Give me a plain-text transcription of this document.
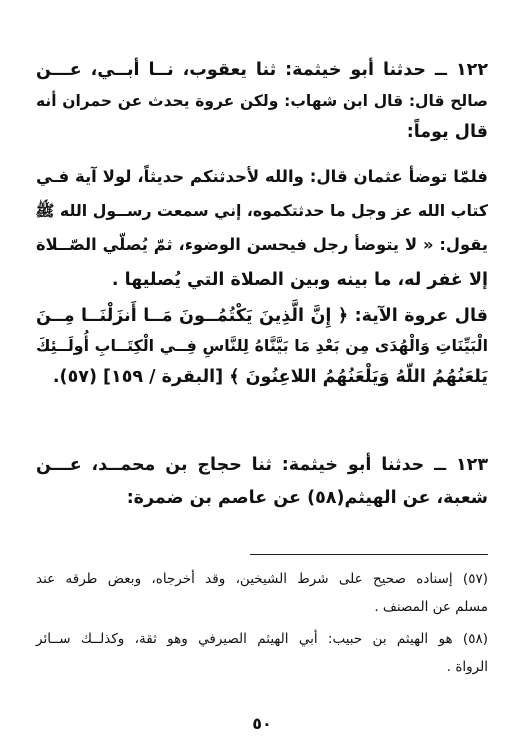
١٢٢ ــ حدثنا أبو خيثمة: ثنا يعقوب، نــا أبــي، عـــن
صالح قال: قال ابن شهاب: ولكن عروة يحدث عن حمران أنه
قال يوماً:
فلمّا توضأ عثمان قال: والله لأحدثنكم حديثاً، لولا آية فـي
كتاب الله عز وجل ما حدثتكموه، إني سمعت رســول الله ﷺ
يقول: « لا يتوضأ رجل فيحسن الوضوء، ثمّ يُصلّي الصّــلاة
إلا غفر له، ما بينه وبين الصلاة التي يُصليها .
قال عروة الآية: ﴿ إِنَّ الَّذِينَ يَكْتُمُــونَ مَــا أَنزَلْنَــا مِــنَ
الْبَيِّنَاتِ وَالْهُدَى مِن بَعْدِ مَا بَيَّنَّاهُ لِلنَّاسِ فِــي الْكِتَــابِ أُولَــئِكَ
يَلعَنُهُمُ اللّهُ وَيَلْعَنُهُمُ اللاعِنُونَ ﴾ [البقرة / ١٥٩] (٥٧).
١٢٣ ــ حدثنا أبو خيثمة: ثنا حجاج بن محمــد، عـــن
شعبة، عن الهيثم(٥٨) عن عاصم بن ضمرة:
(٥٧) إسناده صحيح على شرط الشيخين، وقد أخرجاه، وبعض طرقه عند
مسلم عن المصنف .
(٥٨) هو الهيثم بن حبيب: أبي الهيثم الصيرفي وهو ثقة، وكذلــك ســائر
الرواة .
٥٠
